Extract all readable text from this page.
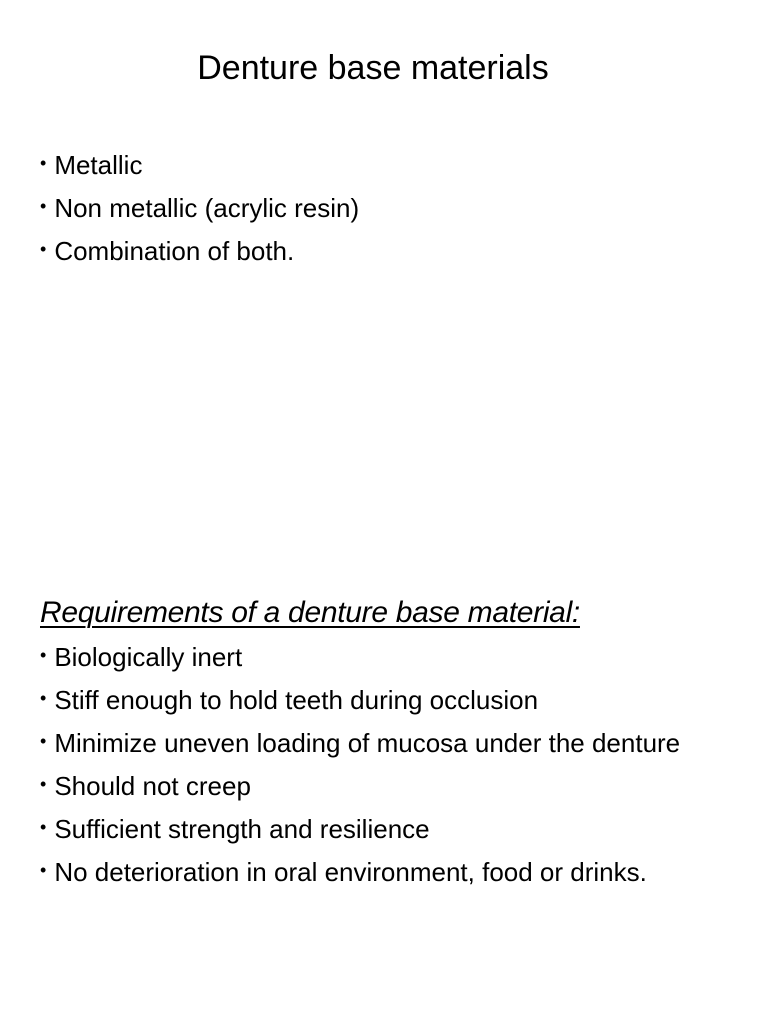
Denture base materials
• Metallic
• Non metallic (acrylic resin)
• Combination of both.
Requirements of a denture base material:
• Biologically inert
• Stiff enough to hold teeth during occlusion
• Minimize uneven loading of mucosa under the denture
• Should not creep
• Sufficient strength and resilience
• No deterioration in oral environment, food or drinks.
